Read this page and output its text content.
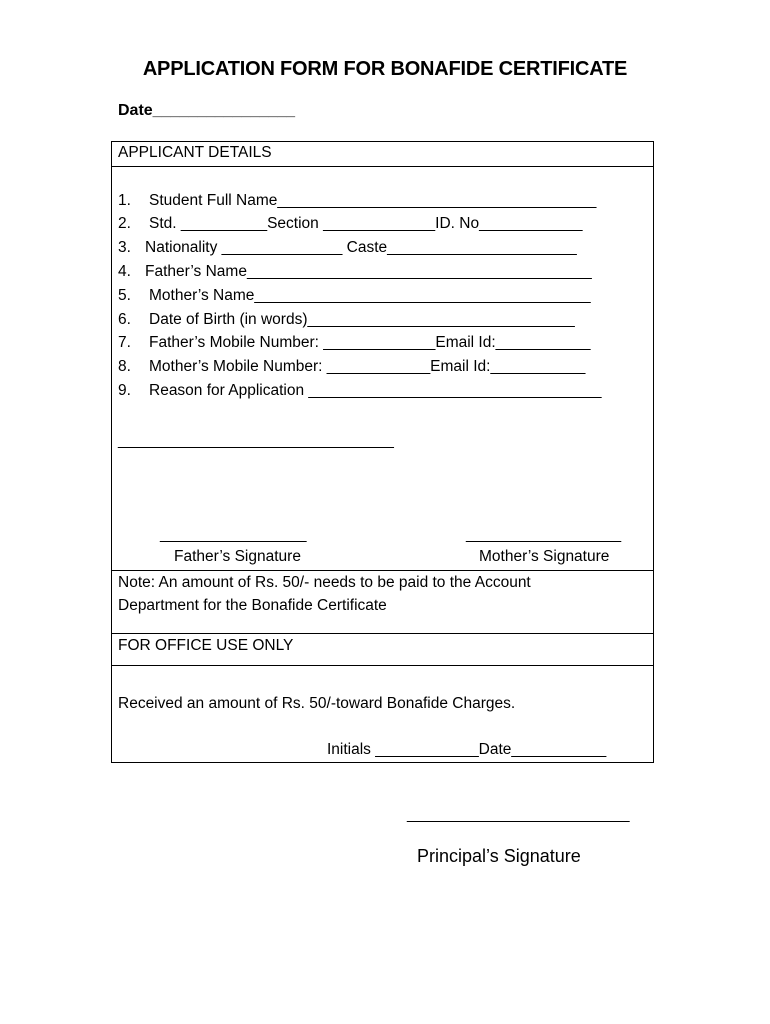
APPLICATION FORM FOR BONAFIDE CERTIFICATE
Date________________
APPLICANT DETAILS
1. Student Full Name_____________________________________
2. Std. __________Section _____________ID. No____________
3. Nationality ______________ Caste______________________
4. Father’s Name________________________________________
5. Mother’s Name_______________________________________
6. Date of Birth (in words)_______________________________
7. Father’s Mobile Number: _____________Email Id:___________
8. Mother’s Mobile Number: ____________Email Id:___________
9. Reason for Application __________________________________
________________________________
_________________
Father’s Signature
__________________
Mother’s Signature
Note: An amount of Rs. 50/- needs to be paid to the Account
Department for the Bonafide Certificate
FOR OFFICE USE ONLY
Received an amount of Rs. 50/-toward Bonafide Charges.
Initials ____________Date___________
_________________________
Principal’s Signature
